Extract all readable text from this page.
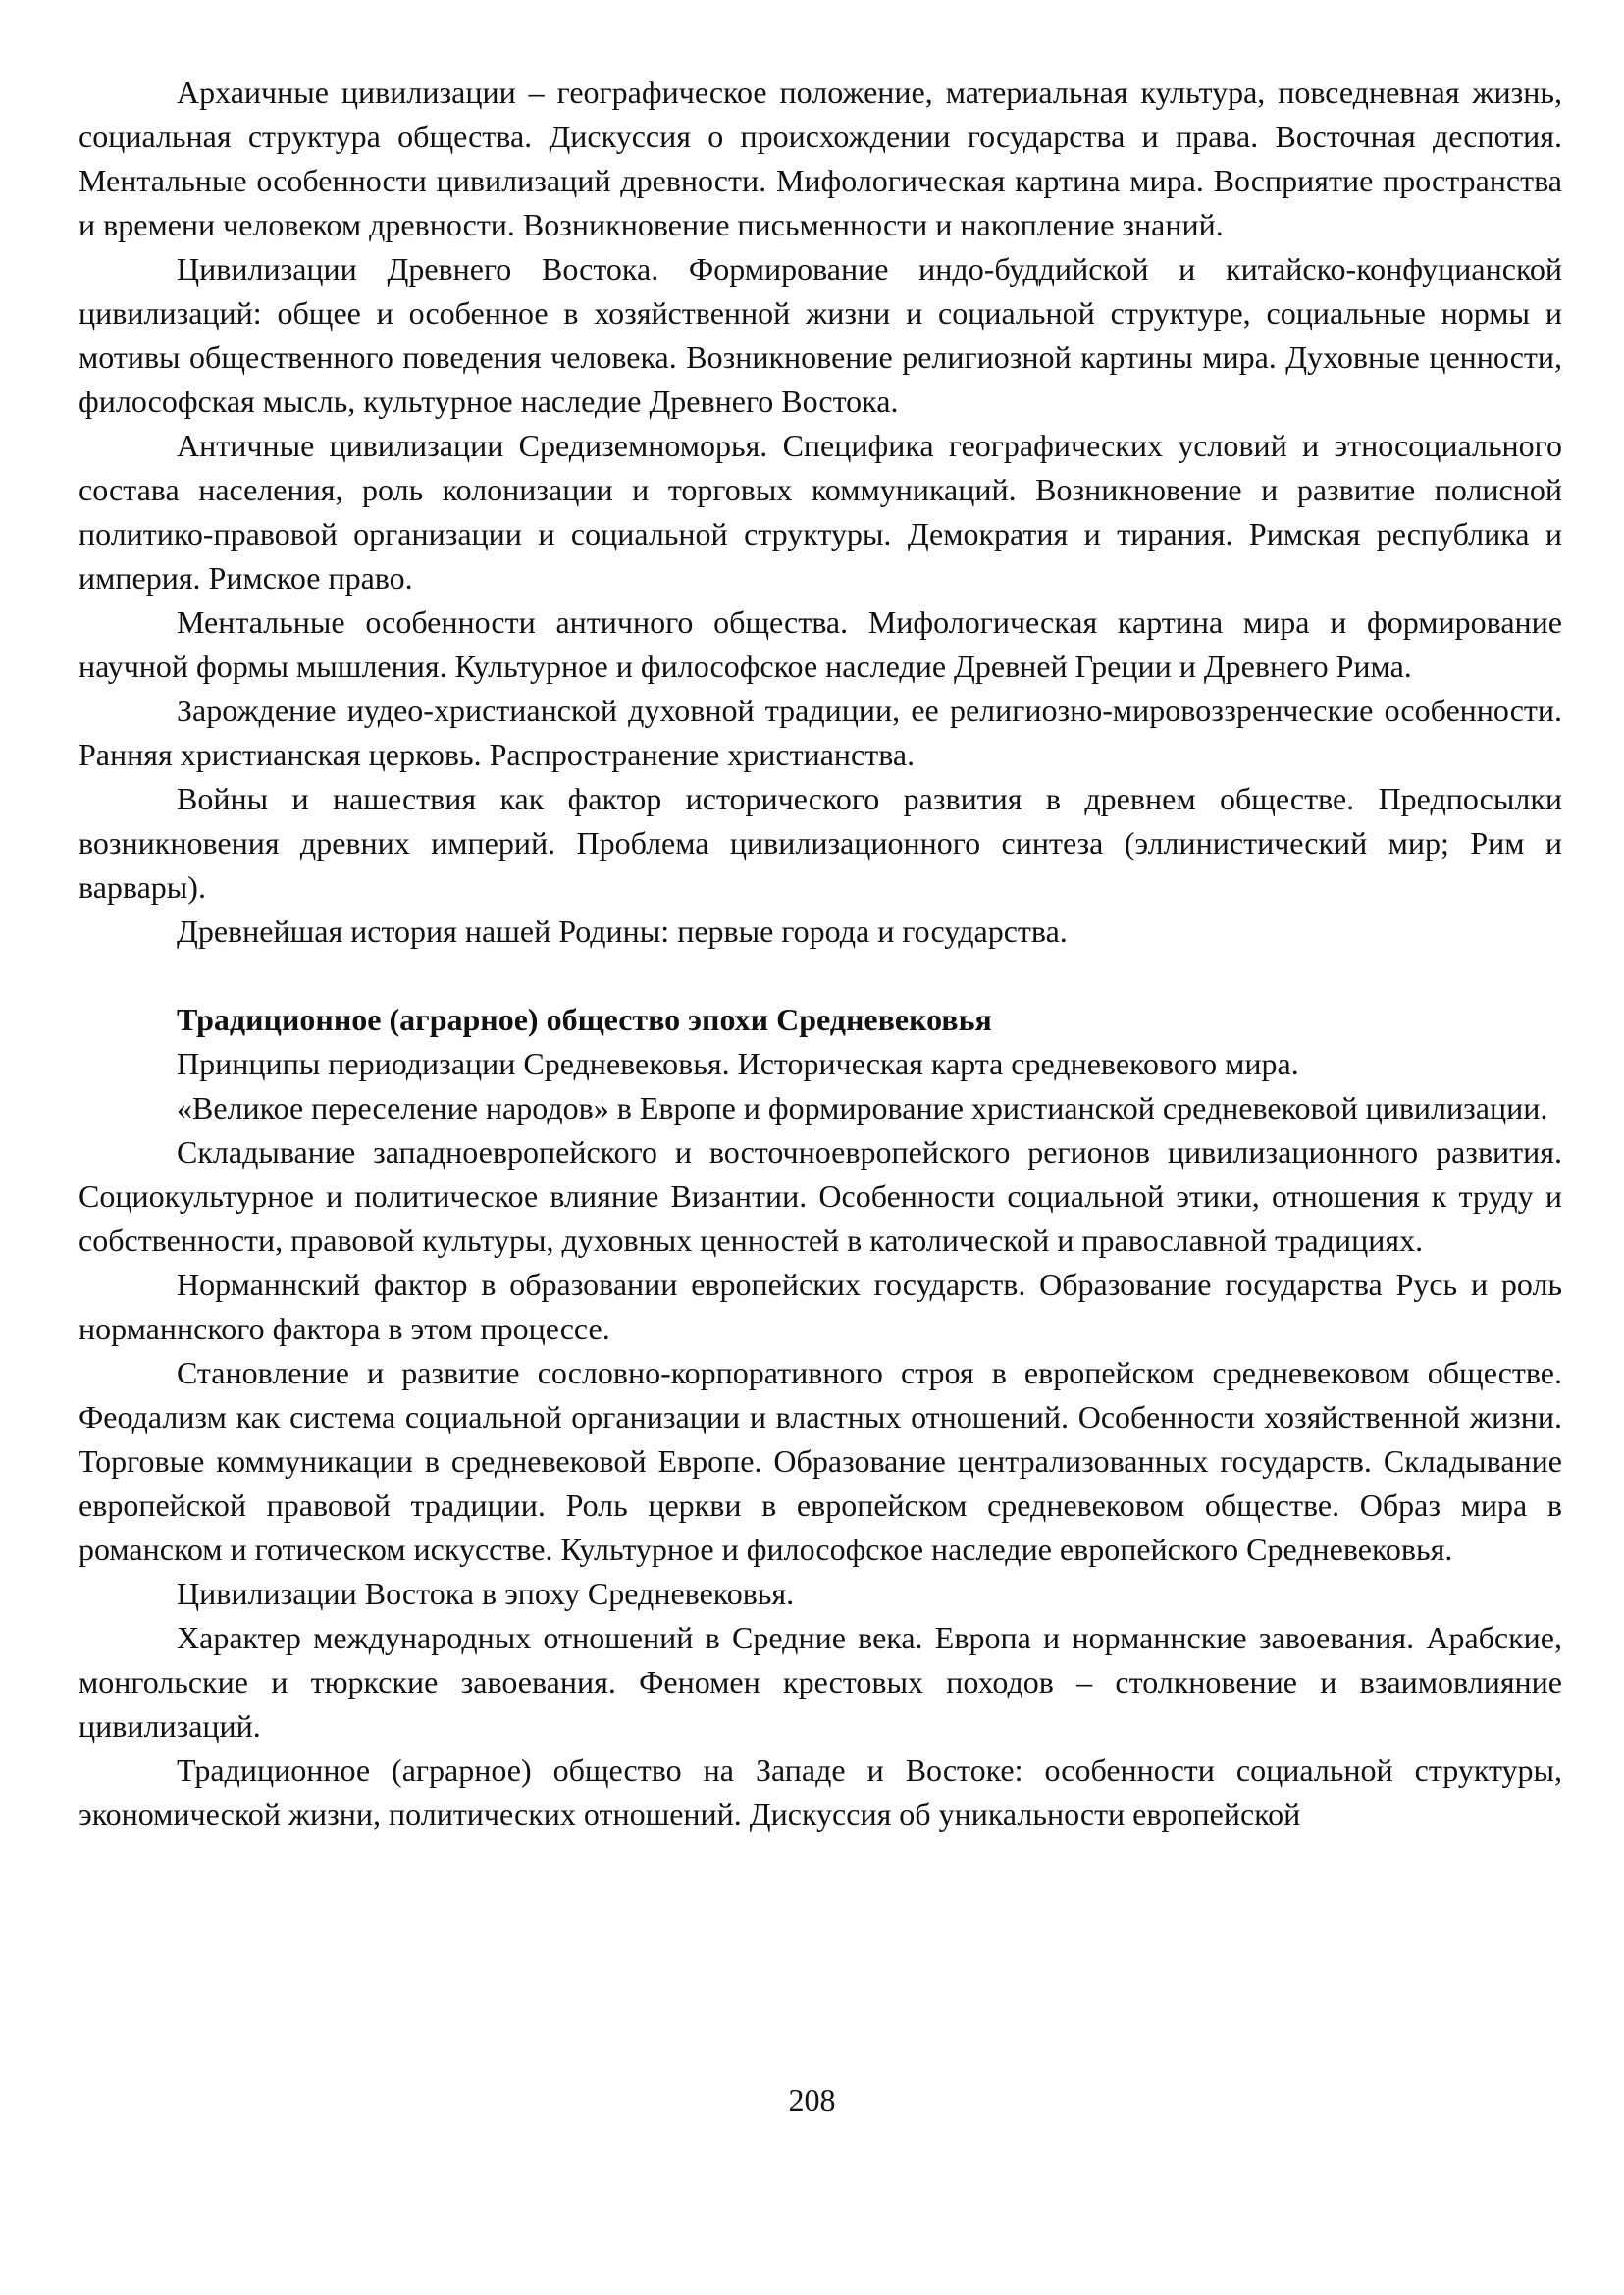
Архаичные цивилизации – географическое положение, материальная культура, повседневная жизнь, социальная структура общества. Дискуссия о происхождении государства и права. Восточная деспотия. Ментальные особенности цивилизаций древности. Мифологическая картина мира. Восприятие пространства и времени человеком древности. Возникновение письменности и накопление знаний.

Цивилизации Древнего Востока. Формирование индо-буддийской и китайско-конфуцианской цивилизаций: общее и особенное в хозяйственной жизни и социальной структуре, социальные нормы и мотивы общественного поведения человека. Возникновение религиозной картины мира. Духовные ценности, философская мысль, культурное наследие Древнего Востока.

Античные цивилизации Средиземноморья. Специфика географических условий и этносоциального состава населения, роль колонизации и торговых коммуникаций. Возникновение и развитие полисной политико-правовой организации и социальной структуры. Демократия и тирания. Римская республика и империя. Римское право.

Ментальные особенности античного общества. Мифологическая картина мира и формирование научной формы мышления. Культурное и философское наследие Древней Греции и Древнего Рима.

Зарождение иудео-христианской духовной традиции, ее религиозно-мировоззренческие особенности. Ранняя христианская церковь. Распространение христианства.

Войны и нашествия как фактор исторического развития в древнем обществе. Предпосылки возникновения древних империй. Проблема цивилизационного синтеза (эллинистический мир; Рим и варвары).

Древнейшая история нашей Родины: первые города и государства.

Традиционное (аграрное) общество эпохи Средневековья

Принципы периодизации Средневековья. Историческая карта средневекового мира.

«Великое переселение народов» в Европе и формирование христианской средневековой цивилизации.

Складывание западноевропейского и восточноевропейского регионов цивилизационного развития. Социокультурное и политическое влияние Византии. Особенности социальной этики, отношения к труду и собственности, правовой культуры, духовных ценностей в католической и православной традициях.

Норманнский фактор в образовании европейских государств. Образование государства Русь и роль норманнского фактора в этом процессе.

Становление и развитие сословно-корпоративного строя в европейском средневековом обществе. Феодализм как система социальной организации и властных отношений. Особенности хозяйственной жизни. Торговые коммуникации в средневековой Европе. Образование централизованных государств. Складывание европейской правовой традиции. Роль церкви в европейском средневековом обществе. Образ мира в романском и готическом искусстве. Культурное и философское наследие европейского Средневековья.

Цивилизации Востока в эпоху Средневековья.

Характер международных отношений в Средние века. Европа и норманнские завоевания. Арабские, монгольские и тюркские завоевания. Феномен крестовых походов – столкновение и взаимовлияние цивилизаций.

Традиционное (аграрное) общество на Западе и Востоке: особенности социальной структуры, экономической жизни, политических отношений. Дискуссия об уникальности европейской

208
